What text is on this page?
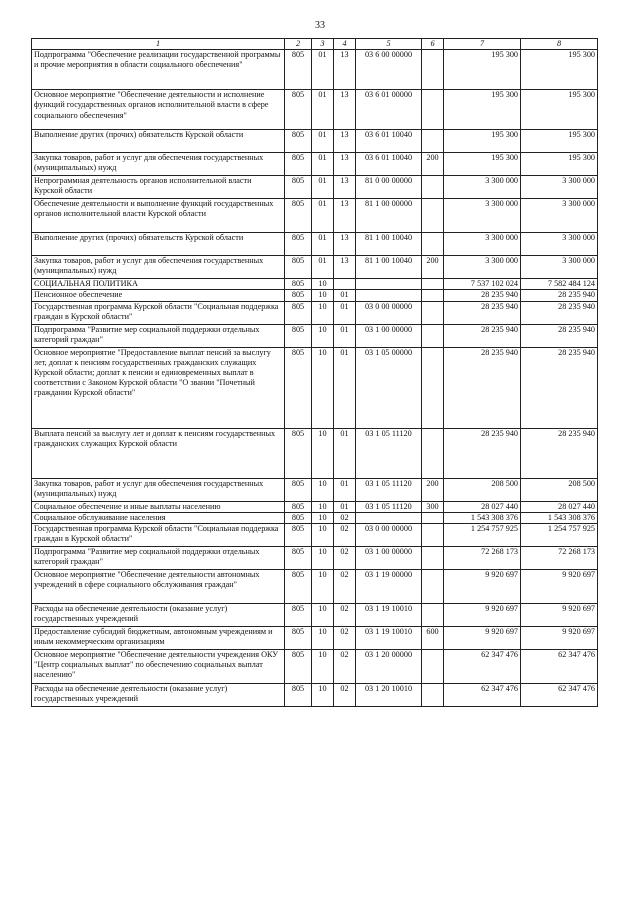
33
1	2	3	4	5	6	7	8
Подпрограмма "Обеспечение реализации государственной программы и прочие мероприятия в области социального обеспечения"	805	01	13	03 6 00 00000		195 300	195 300
Основное мероприятие "Обеспечение деятельности и исполнение функций государственных органов исполнительной власти в сфере социального обеспечения"	805	01	13	03 6 01 00000		195 300	195 300
Выполнение других (прочих) обязательств Курской области	805	01	13	03 6 01 10040		195 300	195 300
Закупка товаров, работ и услуг для обеспечения государственных (муниципальных) нужд	805	01	13	03 6 01 10040	200	195 300	195 300
Непрограммная деятельность органов исполнительной власти Курской области	805	01	13	81 0 00 00000		3 300 000	3 300 000
Обеспечение деятельности и выполнение функций государственных органов исполнительной власти Курской области	805	01	13	81 1 00 00000		3 300 000	3 300 000
Выполнение других (прочих) обязательств Курской области	805	01	13	81 1 00 10040		3 300 000	3 300 000
Закупка товаров, работ и услуг для обеспечения государственных (муниципальных) нужд	805	01	13	81 1 00 10040	200	3 300 000	3 300 000
СОЦИАЛЬНАЯ ПОЛИТИКА	805	10				7 537 102 024	7 582 484 124
Пенсионное обеспечение	805	10	01			28 235 940	28 235 940
Государственная программа Курской области "Социальная поддержка граждан в Курской области"	805	10	01	03 0 00 00000		28 235 940	28 235 940
Подпрограмма "Развитие мер социальной поддержки отдельных категорий граждан"	805	10	01	03 1 00 00000		28 235 940	28 235 940
Основное мероприятие "Предоставление выплат пенсий за выслугу лет, доплат к пенсиям государственных гражданских служащих Курской области; доплат к пенсии и единовременных выплат в соответствии с Законом Курской области "О звании "Почетный гражданин Курской области"	805	10	01	03 1 05 00000		28 235 940	28 235 940
Выплата пенсий за выслугу лет и доплат к пенсиям государственных гражданских служащих Курской области	805	10	01	03 1 05 11120		28 235 940	28 235 940
Закупка товаров, работ и услуг для обеспечения государственных (муниципальных) нужд	805	10	01	03 1 05 11120	200	208 500	208 500
Социальное обеспечение и иные выплаты населению	805	10	01	03 1 05 11120	300	28 027 440	28 027 440
Социальное обслуживание населения	805	10	02			1 543 308 376	1 543 308 376
Государственная программа Курской области "Социальная поддержка граждан в Курской области"	805	10	02	03 0 00 00000		1 254 757 925	1 254 757 925
Подпрограмма "Развитие мер социальной поддержки отдельных категорий граждан"	805	10	02	03 1 00 00000		72 268 173	72 268 173
Основное мероприятие "Обеспечение деятельности автономных учреждений в сфере социального обслуживания граждан"	805	10	02	03 1 19 00000		9 920 697	9 920 697
Расходы на обеспечение деятельности (оказание услуг) государственных учреждений	805	10	02	03 1 19 10010		9 920 697	9 920 697
Предоставление субсидий бюджетным, автономным учреждениям и иным некоммерческим организациям	805	10	02	03 1 19 10010	600	9 920 697	9 920 697
Основное мероприятие "Обеспечение деятельности учреждения ОКУ "Центр социальных выплат" по обеспечению социальных выплат населению"	805	10	02	03 1 20 00000		62 347 476	62 347 476
Расходы на обеспечение деятельности (оказание услуг) государственных учреждений	805	10	02	03 1 20 10010		62 347 476	62 347 476
